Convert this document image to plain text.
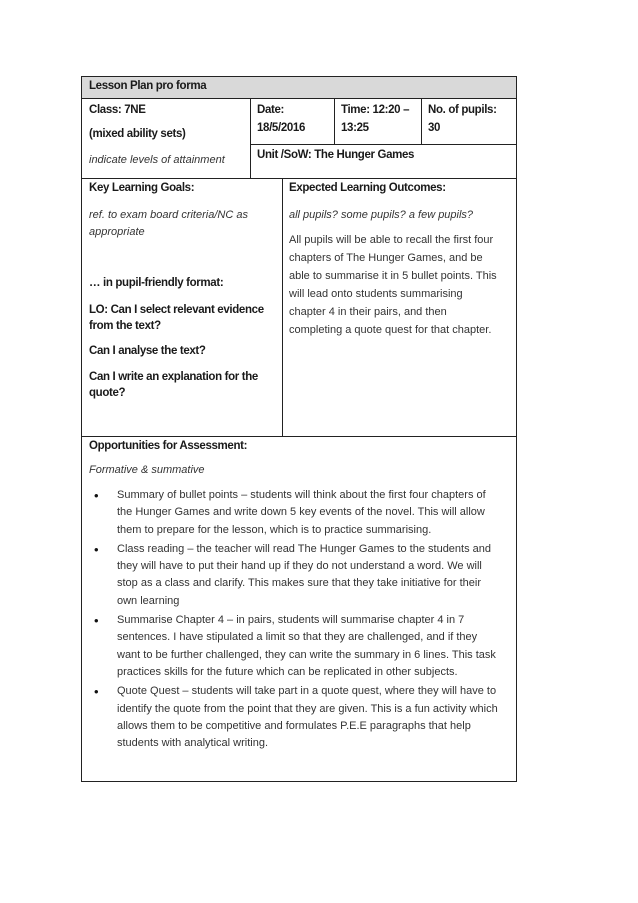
Lesson Plan pro forma
Class: 7NE
(mixed ability sets)
indicate levels of attainment
Date:
18/5/2016
Time: 12:20 –
13:25
No. of pupils:
30
Unit /SoW: The Hunger Games
Key Learning Goals:
ref. to exam board criteria/NC as
appropriate
… in pupil-friendly format:
LO: Can I select relevant evidence
from the text?
Can I analyse the text?
Can I write an explanation for the
quote?
Expected Learning Outcomes:
all pupils? some pupils? a few pupils?
All pupils will be able to recall the first four
chapters of The Hunger Games, and be
able to summarise it in 5 bullet points. This
will lead onto students summarising
chapter 4 in their pairs, and then
completing a quote quest for that chapter.
Opportunities for Assessment:
Formative & summative
• Summary of bullet points – students will think about the first four chapters of the Hunger Games and write down 5 key events of the novel. This will allow them to prepare for the lesson, which is to practice summarising.
• Class reading – the teacher will read The Hunger Games to the students and they will have to put their hand up if they do not understand a word. We will stop as a class and clarify. This makes sure that they take initiative for their own learning
• Summarise Chapter 4 – in pairs, students will summarise chapter 4 in 7 sentences. I have stipulated a limit so that they are challenged, and if they want to be further challenged, they can write the summary in 6 lines. This task practices skills for the future which can be replicated in other subjects.
• Quote Quest – students will take part in a quote quest, where they will have to identify the quote from the point that they are given. This is a fun activity which allows them to be competitive and formulates P.E.E paragraphs that help students with analytical writing.
